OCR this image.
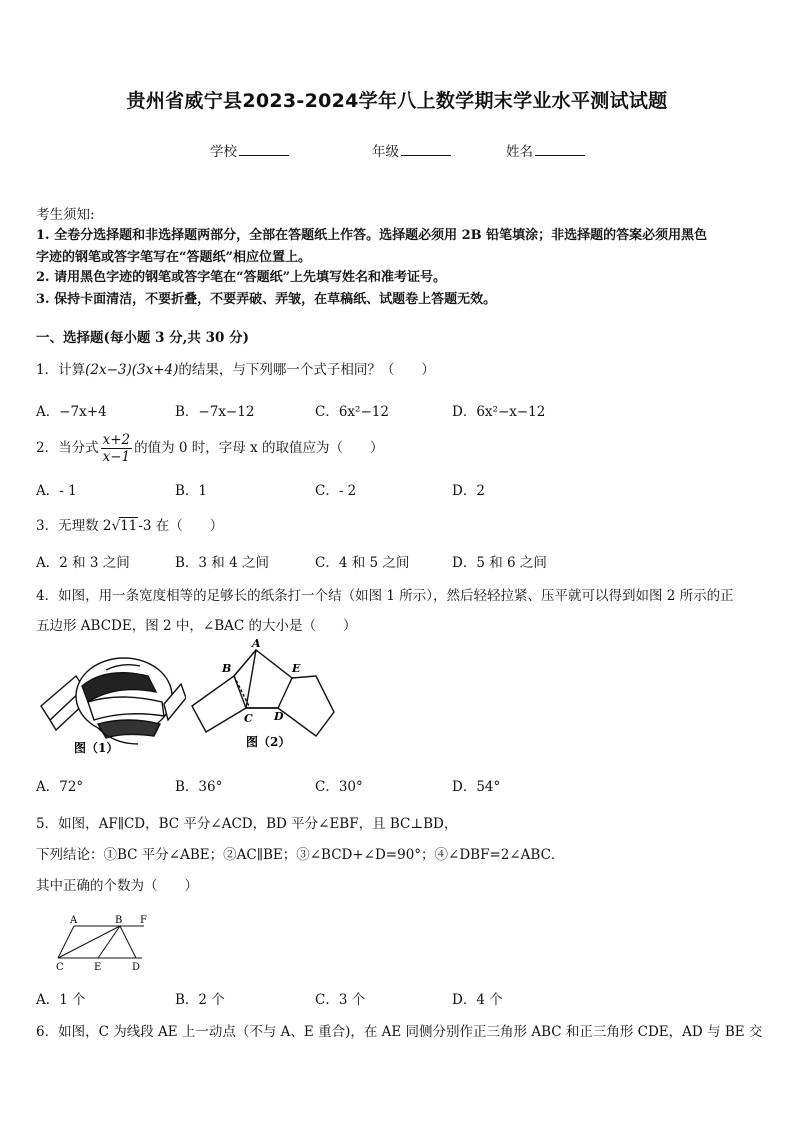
贵州省威宁县2023-2024学年八上数学期末学业水平测试试题
学校	年级	姓名
考生须知:
1. 全卷分选择题和非选择题两部分，全部在答题纸上作答。选择题必须用 2B 铅笔填涂；非选择题的答案必须用黑色
字迹的钢笔或答字笔写在“答题纸”相应位置上。
2. 请用黑色字迹的钢笔或答字笔在“答题纸”上先填写姓名和准考证号。
3. 保持卡面清洁，不要折叠，不要弄破、弄皱，在草稿纸、试题卷上答题无效。
一、选择题(每小题 3 分,共 30 分)
1．计算(2x−3)(3x+4)的结果，与下列哪一个式子相同？（　　）
A．−7x+4	B．−7x−12	C．6x²−12	D．6x²−x−12
2．当分式 $\frac{x+2}{x-1}$ 的值为 0 时，字母 x 的取值应为（　　）
A．- 1	B．1	C．- 2	D．2
3．无理数 2√11-3 在（　　）
A．2 和 3 之间	B．3 和 4 之间	C．4 和 5 之间	D．5 和 6 之间
4．如图，用一条宽度相等的足够长的纸条打一个结（如图 1 所示），然后轻轻拉紧、压平就可以得到如图 2 所示的正
五边形 ABCDE，图 2 中，∠BAC 的大小是（　　）
图（1）
A
B
C D
E
图（2）
A．72°	B．36°	C．30°	D．54°
5．如图，AF∥CD，BC 平分∠ACD，BD 平分∠EBF，且 BC⊥BD，
下列结论：①BC 平分∠ABE；②AC∥BE；③∠BCD+∠D=90°；④∠DBF=2∠ABC．
其中正确的个数为（　　）
A	B F
C	E	D
A．1 个	B．2 个	C．3 个	D．4 个
6．如图，C 为线段 AE 上一动点（不与 A、E 重合)，在 AE 同侧分别作正三角形 ABC 和正三角形 CDE，AD 与 BE 交
